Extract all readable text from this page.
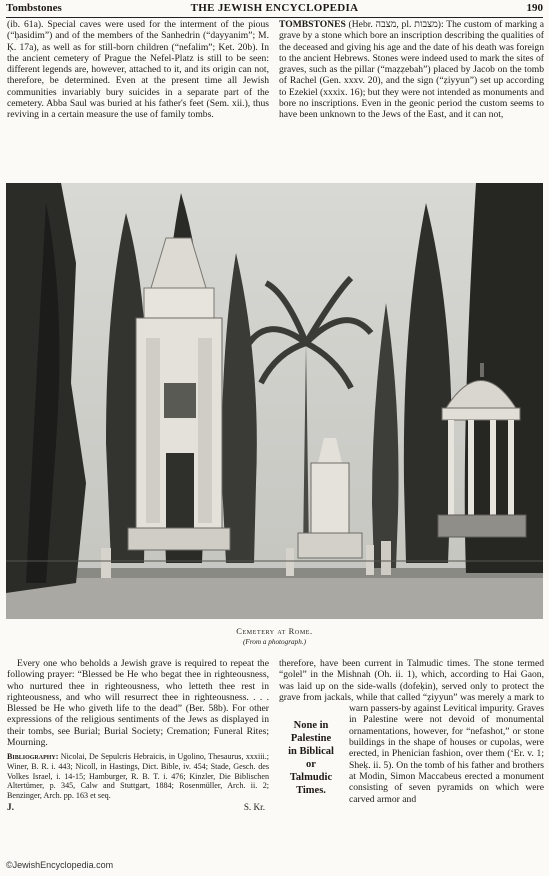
Tombstones	THE JEWISH ENCYCLOPEDIA	190

(ib. 61a). Special caves were used for the interment of the pious (“ḥasidim”) and of the members of the Sanhedrin (“dayyanim”; M. Ḳ. 17a), as well as for still-born children (“nefalim”; Ket. 20b). In the ancient cemetery of Prague the Nefel-Platz is still to be seen: different legends are, however, attached to it, and its origin can not, therefore, be determined. Even at the present time all Jewish communities invariably bury suicides in a separate part of the cemetery. Abba Saul was buried at his father's feet (Sem. xii.), thus reviving in a certain measure the use of family tombs.

TOMBSTONES (Hebr. מצבה, pl. מצבות): The custom of marking a grave by a stone which bore an inscription describing the qualities of the deceased and giving his age and the date of his death was foreign to the ancient Hebrews. Stones were indeed used to mark the sites of graves, such as the pillar (“maẓẓebah”) placed by Jacob on the tomb of Rachel (Gen. xxxv. 20), and the sign (“ẓiyyun”) set up according to Ezekiel (xxxix. 16); but they were not intended as monuments and bore no inscriptions. Even in the geonic period the custom seems to have been unknown to the Jews of the East, and it can not,

Cemetery at Rome.
(From a photograph.)

Every one who beholds a Jewish grave is required to repeat the following prayer: “Blessed be He who begat thee in righteousness, who nurtured thee in righteousness, who letteth thee rest in righteousness, and who will resurrect thee in righteousness. . . . Blessed be He who giveth life to the dead” (Ber. 58b). For other expressions of the religious sentiments of the Jews as displayed in their tombs, see Burial; Burial Society; Cremation; Funeral Rites; Mourning.

Bibliography: Nicolai, De Sepulcris Hebraicis, in Ugolino, Thesaurus, xxxiii.; Winer, B. R. i. 443; Nicoll, in Hastings, Dict. Bible, iv. 454; Stade, Gesch. des Volkes Israel, i. 14-15; Hamburger, R. B. T. i. 476; Kinzler, Die Biblischen Altertümer, p. 345, Calw and Stuttgart, 1884; Rosenmüller, Arch. ii. 2; Benzinger, Arch. pp. 163 et seq.

J.	S. Kr.

therefore, have been current in Talmudic times. The stone termed “golel” in the Mishnah (Oh. ii. 1), which, according to Hai Gaon, was laid up on the side-walls (dofeḳin), served only to protect the grave from jackals, while that called “ẓiyyun” was merely a mark to warn passers-by against Levitical impurity.
None in
Palestine
in Biblical
or
Talmudic
Times.
Graves in Palestine were not devoid of monumental ornamentations, however, for “nefashot,” or stone buildings in the shape of houses or cupolas, were erected, in Phenician fashion, over them (‘Er. v. 1; Sheḳ. ii. 5). On the tomb of his father and brothers at Modin, Simon Maccabeus erected a monument consisting of seven pyramids on which were carved armor and

©JewishEncyclopedia.com
